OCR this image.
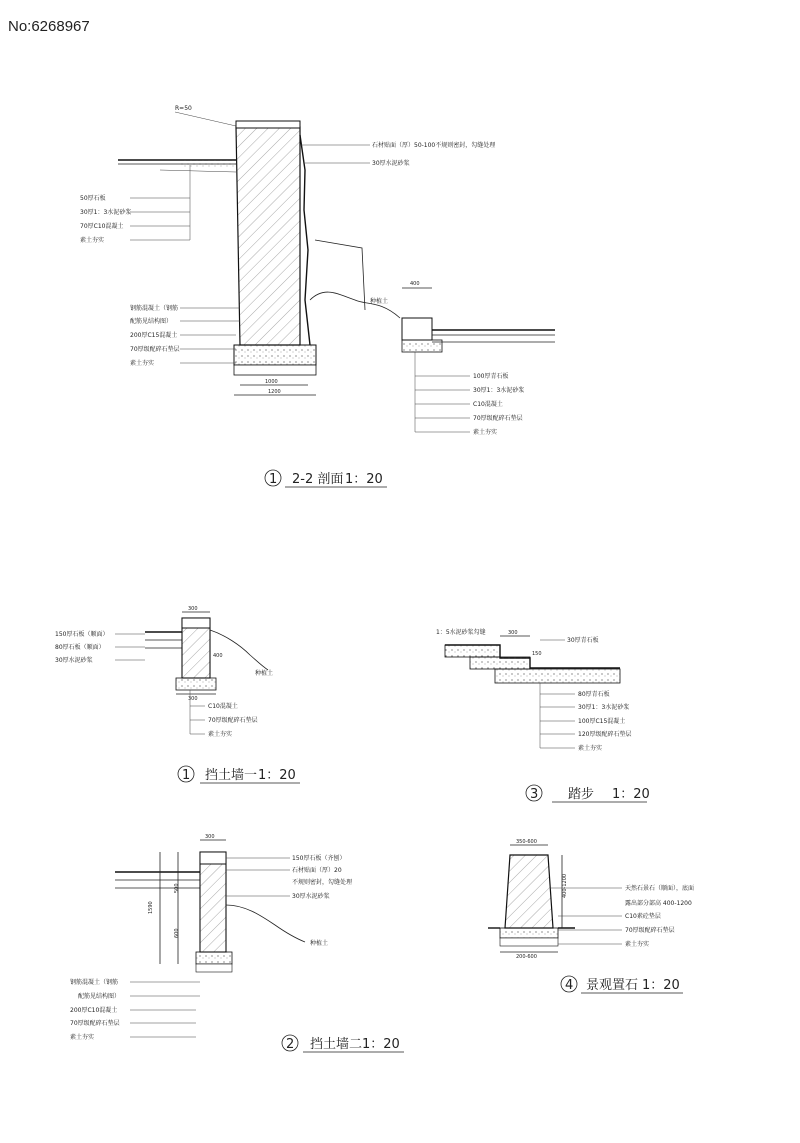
No:6268967
R=50
1000
1200
400
种植土
石材贴面（厚）50-100不规则密封，勾缝处理
30厚水泥砂浆
50厚石板
30厚1：3水泥砂浆
70厚C10混凝土
素土夯实
钢筋混凝土（钢筋
配筋见结构图）
200厚C15混凝土
70厚级配碎石垫层
素土夯实
100厚青石板
30厚1：3水泥砂浆
C10混凝土
70厚级配碎石垫层
素土夯实
1 2-2 剖面 1：20
300
400
300
种植土
150厚石板（顺面）
80厚石板（顺面）
30厚水泥砂浆
C10混凝土
70厚级配碎石垫层
素土夯实
1 挡土墙一 1：20
300
150
1：5水泥砂浆勾缝
30厚青石板
80厚青石板
30厚1：3水泥砂浆
100厚C15混凝土
120厚级配碎石垫层
素土夯实
3 踏步 1：20
300
1590
600
500
种植土
150厚石板（齐刨）
石材贴面（厚）20
不规则密封，勾缝处理
30厚水泥砂浆
钢筋混凝土（钢筋
配筋见结构图）
200厚C10混凝土
70厚级配碎石垫层
素土夯实	2 挡土墙二 1：20
350-600
400-1200
200-600
天然石景石（顺面），底面
露出部分部高 400-1200
C10素砼垫层
70厚级配碎石垫层
素土夯实
4 景观置石 1：20
